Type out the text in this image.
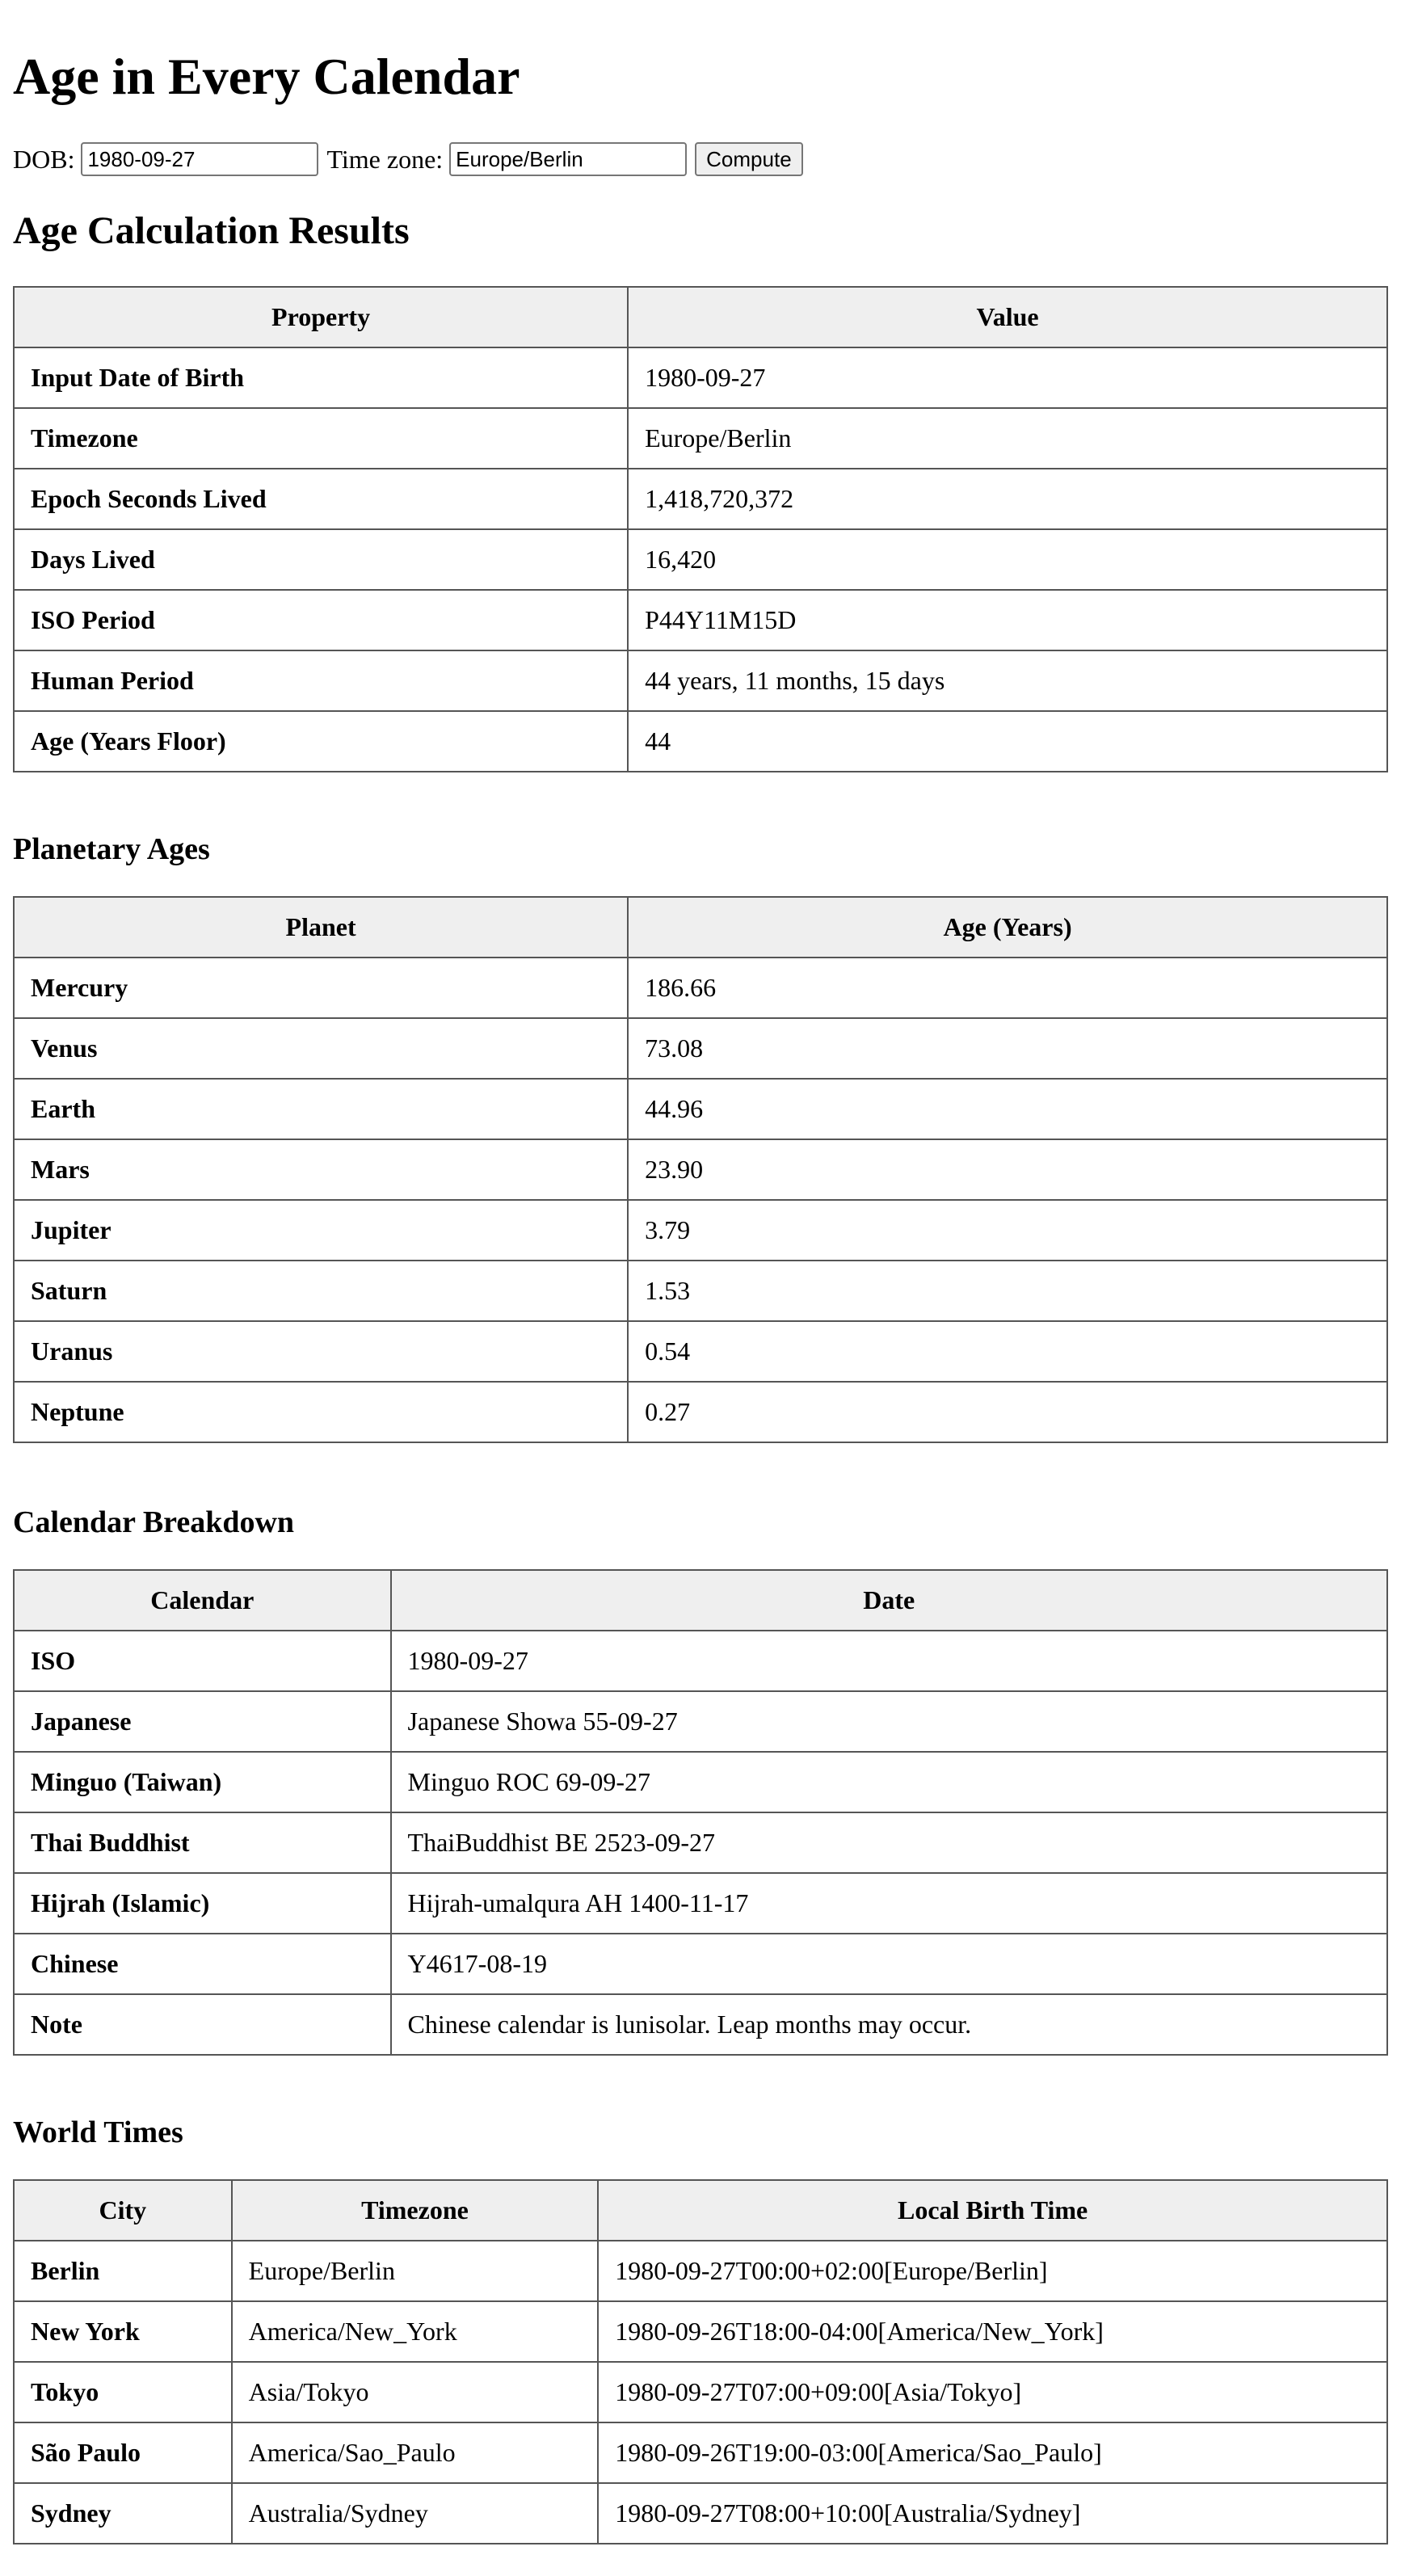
Age in Every Calendar
DOB:
1980-09-27	Time zone:
Europe/Berlin	Compute
Age Calculation Results
Property	Value
Input Date of Birth	1980-09-27
Timezone	Europe/Berlin
Epoch Seconds Lived	1,418,720,372
Days Lived	16,420
ISO Period	P44Y11M15D
Human Period	44 years, 11 months, 15 days
Age (Years Floor)	44
Planetary Ages
Planet	Age (Years)
Mercury	186.66
Venus	73.08
Earth	44.96
Mars	23.90
Jupiter	3.79
Saturn	1.53
Uranus	0.54
Neptune	0.27
Calendar Breakdown
Calendar	Date
ISO	1980-09-27
Japanese	Japanese Showa 55-09-27
Minguo (Taiwan)	Minguo ROC 69-09-27
Thai Buddhist	ThaiBuddhist BE 2523-09-27
Hijrah (Islamic)	Hijrah-umalqura AH 1400-11-17
Chinese	Y4617-08-19
Note	Chinese calendar is lunisolar. Leap months may occur.
World Times
City	Timezone	Local Birth Time
Berlin	Europe/Berlin	1980-09-27T00:00+02:00[Europe/Berlin]
New York	America/New_York	1980-09-26T18:00-04:00[America/New_York]
Tokyo	Asia/Tokyo	1980-09-27T07:00+09:00[Asia/Tokyo]
São Paulo	America/Sao_Paulo	1980-09-26T19:00-03:00[America/Sao_Paulo]
Sydney	Australia/Sydney	1980-09-27T08:00+10:00[Australia/Sydney]
